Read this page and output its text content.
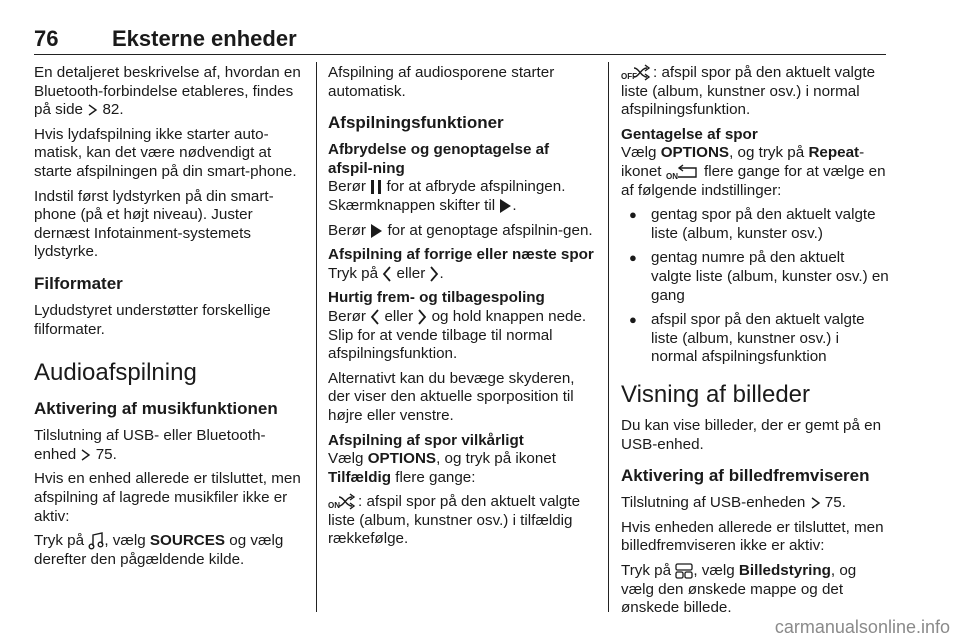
76 Eksterne enheder

En detaljeret beskrivelse af, hvordan en Bluetooth-forbindelse etableres, findes på side 82.

Hvis lydafspilning ikke starter auto-matisk, kan det være nødvendigt at starte afspilningen på din smart-phone.

Indstil først lydstyrken på din smart-phone (på et højt niveau). Juster dernæst Infotainment-systemets lydstyrke.

Filformater

Lydudstyret understøtter forskellige filformater.

Audioafspilning
Aktivering af musikfunktionen

Tilslutning af USB- eller Bluetooth-enhed 75.

Hvis en enhed allerede er tilsluttet, men afspilning af lagrede musikfiler ikke er aktiv:

Tryk på , vælg SOURCES og vælg derefter den pågældende kilde.

Afspilning af audiosporene starter automatisk.

Afspilningsfunktioner
Afbrydelse og genoptagelse af afspil-ning

Berør for at afbryde afspilningen. Skærmknappen skifter til .

Berør for at genoptage afspilnin-gen.

Afspilning af forrige eller næste spor

Tryk på eller .

Hurtig frem- og tilbagespoling

Berør eller og hold knappen nede. Slip for at vende tilbage til normal afspilningsfunktion.

Alternativt kan du bevæge skyderen, der viser den aktuelle sporposition til højre eller venstre.

Afspilning af spor vilkårligt

Vælg OPTIONS, og tryk på ikonet Tilfældig flere gange:

ON : afspil spor på den aktuelt valgte liste (album, kunstner osv.) i tilfældig rækkefølge.

OFF : afspil spor på den aktuelt valgte liste (album, kunstner osv.) i normal afspilningsfunktion.

Gentagelse af spor

Vælg OPTIONS, og tryk på Repeat-ikonet ON flere gange for at vælge en af følgende indstillinger:

● gentag spor på den aktuelt valgte liste (album, kunster osv.)
● gentag numre på den aktuelt valgte liste (album, kunster osv.) en gang
● afspil spor på den aktuelt valgte liste (album, kunstner osv.) i normal afspilningsfunktion
Visning af billeder

Du kan vise billeder, der er gemt på en USB-enhed.

Aktivering af billedfremviseren

Tilslutning af USB-enheden 75.

Hvis enheden allerede er tilsluttet, men billedfremviseren ikke er aktiv:

Tryk på , vælg Billedstyring, og vælg den ønskede mappe og det ønskede billede.

carmanualsonline.info
